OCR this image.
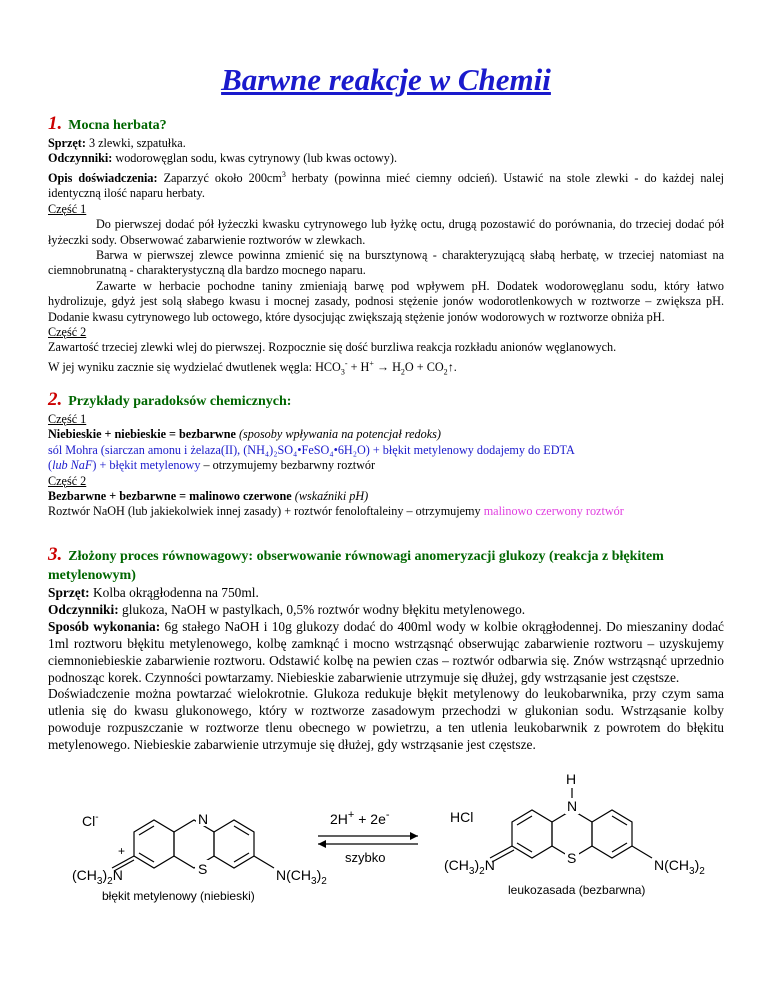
Barwne reakcje w Chemii
1. Mocna herbata?

Sprzęt: 3 zlewki, szpatułka.

Odczynniki: wodorowęglan sodu, kwas cytrynowy (lub kwas octowy).

Opis doświadczenia: Zaparzyć około $200cm^3$ herbaty (powinna mieć ciemny odcień). Ustawić na stole zlewki - do każdej nalej identyczną ilość naparu herbaty.

Część 1

Do pierwszej dodać pół łyżeczki kwasku cytrynowego lub łyżkę octu, drugą pozostawić do porównania, do trzeciej dodać pół łyżeczki sody. Obserwować zabarwienie roztworów w zlewkach.

Barwa w pierwszej zlewce powinna zmienić się na bursztynową - charakteryzującą słabą herbatę, w trzeciej natomiast na ciemnobrunatną - charakterystyczną dla bardzo mocnego naparu.

Zawarte w herbacie pochodne taniny zmieniają barwę pod wpływem pH. Dodatek wodorowęglanu sodu, który łatwo hydrolizuje, gdyż jest solą słabego kwasu i mocnej zasady, podnosi stężenie jonów wodorotlenkowych w roztworze – zwiększa pH. Dodanie kwasu cytrynowego lub octowego, które dysocjując zwiększają stężenie jonów wodorowych w roztworze obniża pH.

Część 2

Zawartość trzeciej zlewki wlej do pierwszej. Rozpocznie się dość burzliwa reakcja rozkładu anionów węglanowych.

W jej wyniku zacznie się wydzielać dwutlenek węgla: $HCO_3^- + H^+ \to H_2O$ + $CO_2↑$.

2. Przykłady paradoksów chemicznych:

Część 1

Niebieskie + niebieskie = bezbarwne (sposoby wpływania na potencjał redoks)

sól Mohra (siarczan amonu i żelaza(II), (NH₄)₂SO₄•FeSO₄•6H₂O) + błękit metylenowy dodajemy do EDTA

(lub NaF) + błękit metylenowy – otrzymujemy bezbarwny roztwór

Część 2

Bezbarwne + bezbarwne = malinowo czerwone (wskaźniki pH)

Roztwór NaOH (lub jakiekolwiek innej zasady) + roztwór fenoloftaleiny – otrzymujemy malinowo czerwony roztwór

3. Złożony proces równowagowy: obserwowanie równowagi anomeryzacji glukozy (reakcja z błękitem metylenowym)

Sprzęt: Kolba okrągłodenna na 750ml.

Odczynniki: glukoza, NaOH w pastylkach, 0,5% roztwór wodny błękitu metylenowego.

Sposób wykonania: 6g stałego NaOH i 10g glukozy dodać do 400ml wody w kolbie okrągłodennej. Do mieszaniny dodać 1ml roztworu błękitu metylenowego, kolbę zamknąć i mocno wstrząsnąć obserwując zabarwienie roztworu – uzyskujemy ciemnoniebieskie zabarwienie roztworu. Odstawić kolbę na pewien czas – roztwór odbarwia się. Znów wstrząsnąć uprzednio podnosząc korek. Czynności powtarzamy. Niebieskie zabarwienie utrzymuje się dłużej, gdy wstrząsanie jest częstsze.

Doświadczenie można powtarzać wielokrotnie. Glukoza redukuje błękit metylenowy do leukobarwnika, przy czym sama utlenia się do kwasu glukonowego, który w roztworze zasadowym przechodzi w glukonian sodu. Wstrząsanie kolby powoduje rozpuszczanie w roztworze tlenu obecnego w powietrzu, a ten utlenia leukobarwnik z powrotem do błękitu metylenowego. Niebieskie zabarwienie utrzymuje się dłużej, gdy wstrząsanie jest częstsze.

Cl-
+
N
S
$(CH_3)_2N$	$N(CH_3)_2$
błękit metylenowy (niebieski)
2H+ + 2e-	HCl
szybko
H
N
S
$(CH_3)_2N$	$N(CH_3)_2$
leukozasada (bezbarwna)
